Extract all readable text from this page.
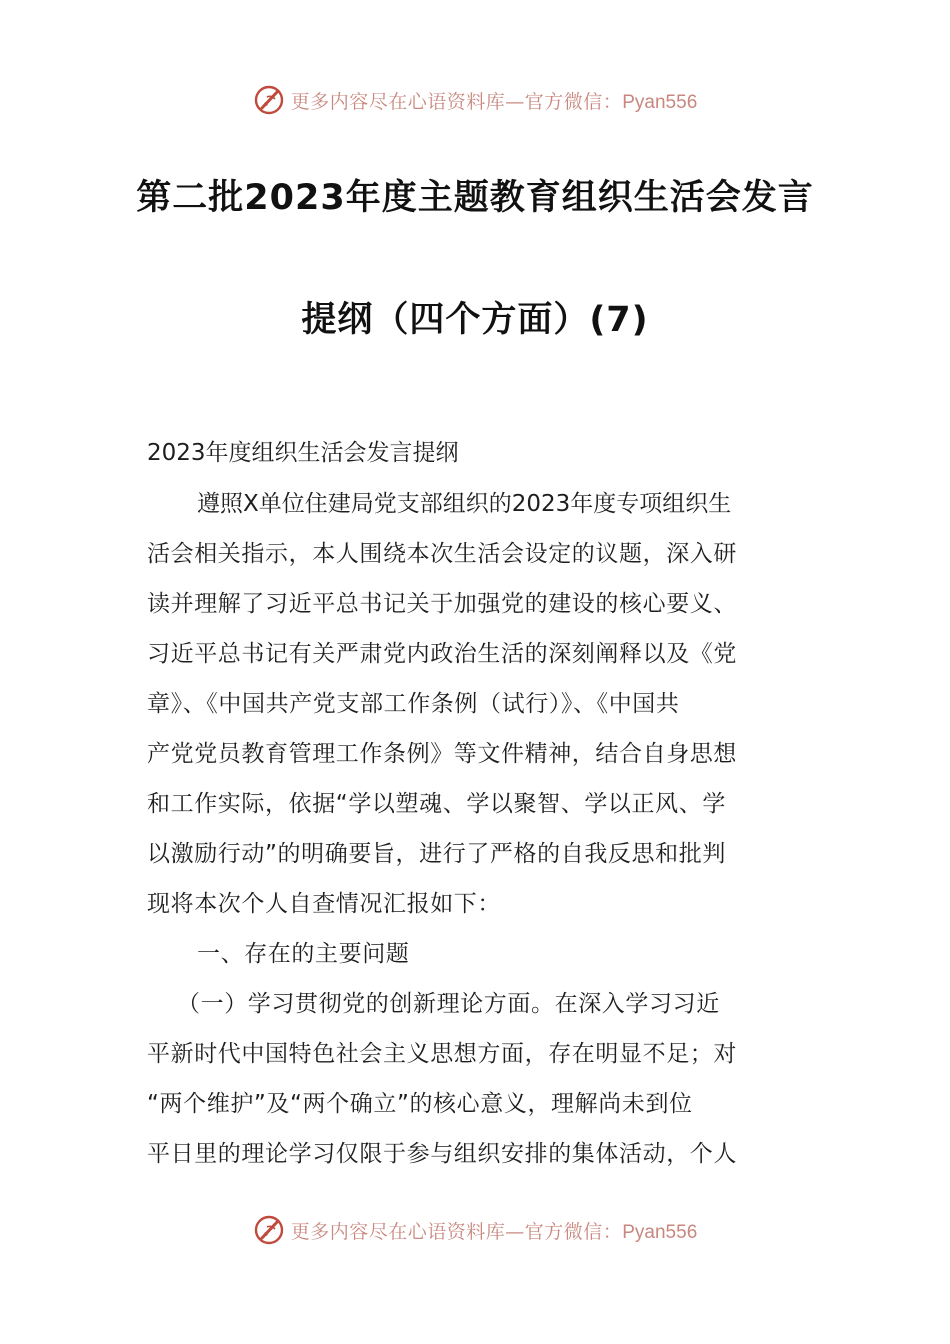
更多内容尽在心语资料库—官方微信：Pyan556
第二批2023年度主题教育组织生活会发言
提纲（四个方面）(7)
2023年度组织生活会发言提纲
遵照X单位住建局党支部组织的2023年度专项组织生
活会相关指示，本人围绕本次生活会设定的议题，深入研
读并理解了习近平总书记关于加强党的建设的核心要义、
习近平总书记有关严肃党内政治生活的深刻阐释以及《党
章》、《中国共产党支部工作条例（试行）》、《中国共
产党党员教育管理工作条例》等文件精神，结合自身思想
和工作实际，依据“学以塑魂、学以聚智、学以正风、学
以激励行动”的明确要旨，进行了严格的自我反思和批判
现将本次个人自查情况汇报如下：
一、存在的主要问题
（一）学习贯彻党的创新理论方面。在深入学习习近
平新时代中国特色社会主义思想方面，存在明显不足；对
“两个维护”及“两个确立”的核心意义，理解尚未到位
平日里的理论学习仅限于参与组织安排的集体活动，个人
更多内容尽在心语资料库—官方微信：Pyan556
